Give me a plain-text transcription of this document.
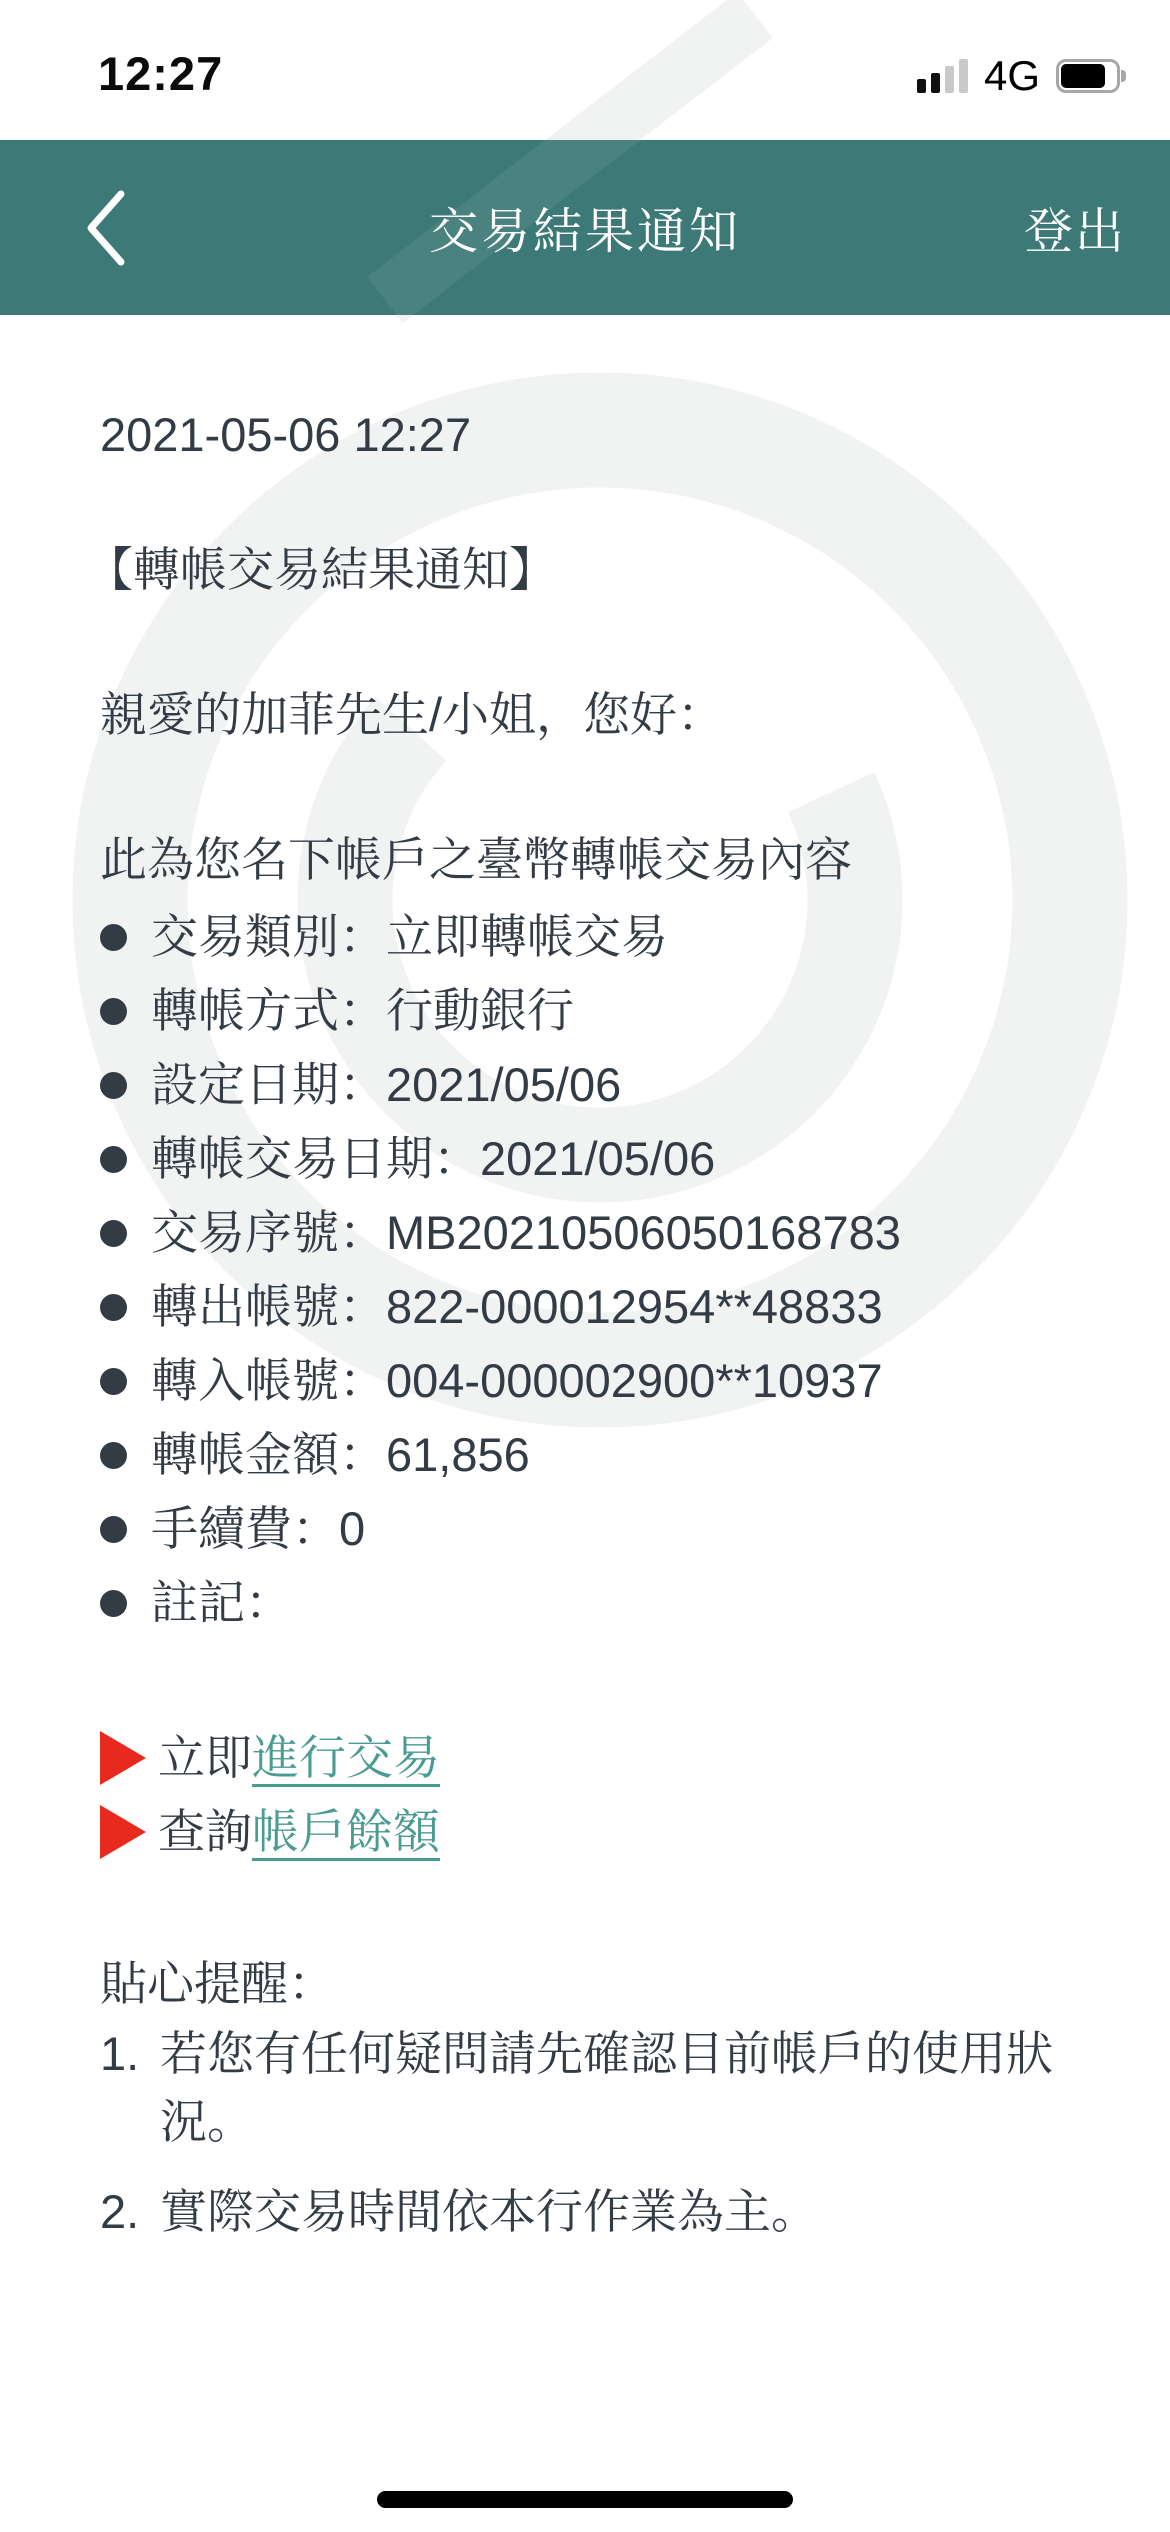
12:27	4G
交易結果通知	登出
2021-05-06 12:27
【轉帳交易結果通知】
親愛的加菲先生/小姐，您好：
此為您名下帳戶之臺幣轉帳交易內容
交易類別：立即轉帳交易
轉帳方式：行動銀行
設定日期：2021/05/06
轉帳交易日期：2021/05/06
交易序號：MB20210506050168783
轉出帳號：822-000012954**48833
轉入帳號：004-000002900**10937
轉帳金額：61,856
手續費：0
註記：
立即 進行交易
查詢 帳戶餘額
貼心提醒：
1. 若您有任何疑問請先確認目前帳戶的使用狀況。
2. 實際交易時間依本行作業為主。
